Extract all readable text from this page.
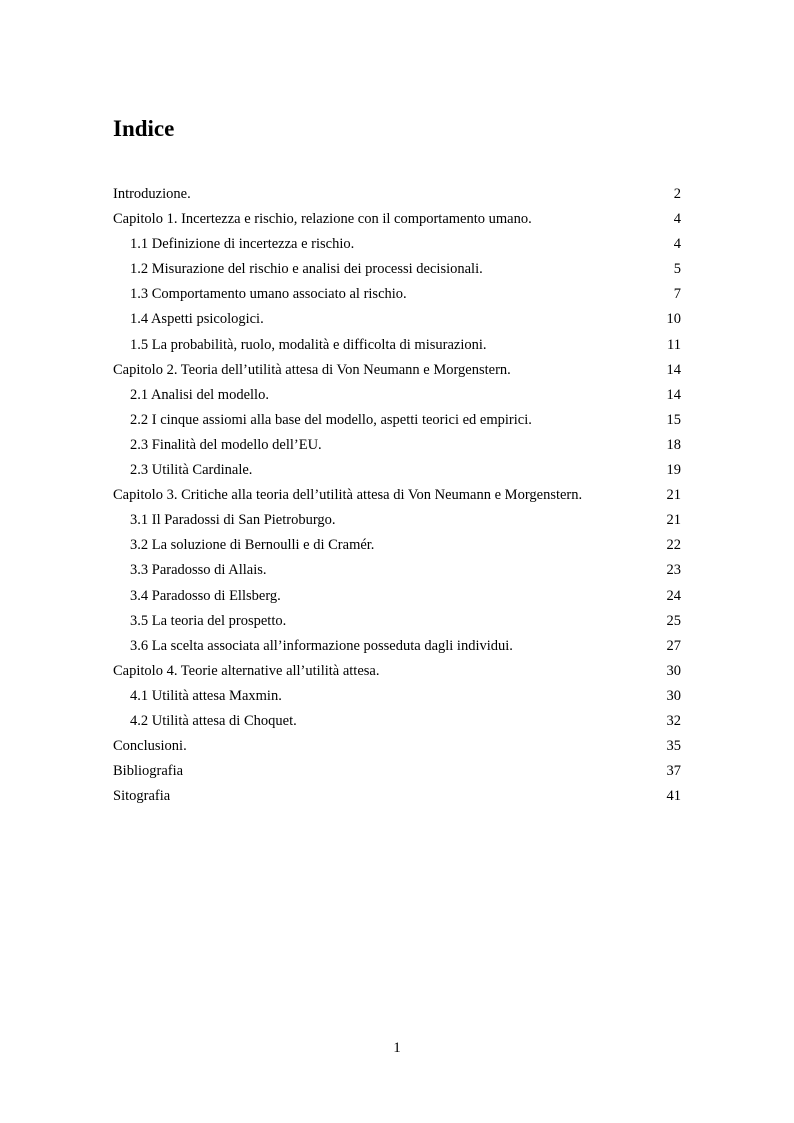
Indice
Introduzione.	2
Capitolo 1. Incertezza e rischio, relazione con il comportamento umano.	4
1.1 Definizione di incertezza e rischio.	4
1.2 Misurazione del rischio e analisi dei processi decisionali.	5
1.3 Comportamento umano associato al rischio.	7
1.4 Aspetti psicologici.	10
1.5 La probabilità, ruolo, modalità e difficolta di misurazioni.	11
Capitolo 2. Teoria dell’utilità attesa di Von Neumann e Morgenstern.	14
2.1 Analisi del modello.	14
2.2 I cinque assiomi alla base del modello, aspetti teorici ed empirici.	15
2.3 Finalità del modello dell’EU.	18
2.3 Utilità Cardinale.	19
Capitolo 3. Critiche alla teoria dell’utilità attesa di Von Neumann e Morgenstern.	21
3.1 Il Paradossi di San Pietroburgo.	21
3.2 La soluzione di Bernoulli e di Cramér.	22
3.3 Paradosso di Allais.	23
3.4 Paradosso di Ellsberg.	24
3.5 La teoria del prospetto.	25
3.6 La scelta associata all’informazione posseduta dagli individui.	27
Capitolo 4. Teorie alternative all’utilità attesa.	30
4.1 Utilità attesa Maxmin.	30
4.2 Utilità attesa di Choquet.	32
Conclusioni.	35
Bibliografia	37
Sitografia	41
1
